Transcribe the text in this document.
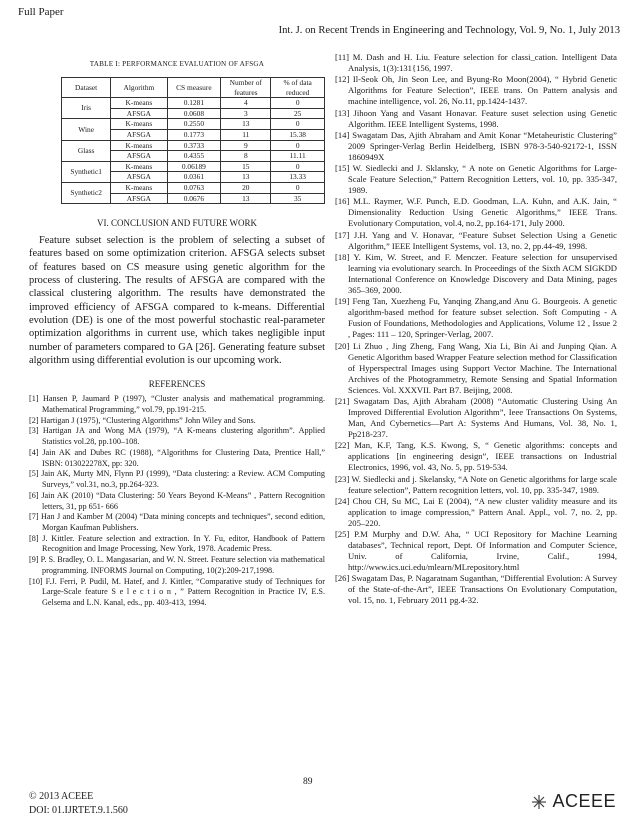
Full Paper
Int. J. on Recent Trends in Engineering and Technology, Vol. 9, No. 1, July 2013
TABLE I: PERFORMANCE EVALUATION OF AFSGA
Dataset	Algorithm	CS measure	Number of features	% of data reduced
Iris	K-means	0.1281	4	0
	AFSGA	0.0608	3	25
Wine	K-means	0.2550	13	0
	AFSGA	0.1773	11	15.38
Glass	K-means	0.3733	9	0
	AFSGA	0.4355	8	11.11
Synthetic1	K-means	0.06189	15	0
	AFSGA	0.0361	13	13.33
Synthetic2	K-means	0.0763	20	0
	AFSGA	0.0676	13	35
VI. CONCLUSION AND FUTURE WORK

Feature subset selection is the problem of selecting a subset of features based on some optimization criterion. AFSGA selects subset of features based on CS measure using genetic algorithm for the process of clustering. The results of AFSGA are compared with the classical clustering algorithm. The results have demonstrated the improved efficiency of AFSGA compared to k-means. Differential evolution (DE) is one of the most powerful stochastic real-parameter optimization algorithms in current use, which takes negligible input number of parameters compared to GA [26]. Generating feature subset algorithm using differential evolution is our upcoming work.

REFERENCES

[1] Hansen P, Jaumard P (1997), “Cluster analysis and mathematical programming. Mathematical Programming,” vol.79, pp.191-215.

[2] Hartigan J (1975), “Clustering Algorithms” John Wiley and Sons.

[3] Hartigan JA and Wong MA (1979), “A K-means clustering algorithm”. Applied Statistics vol.28, pp.100–108.

[4] Jain AK and Dubes RC (1988), “Algorithms for Clustering Data, Prentice Hall,” ISBN: 013022278X, pp: 320.

[5] Jain AK, Murty MN, Flynn PJ (1999), “Data clustering: a Review. ACM Computing Surveys,” vol.31, no.3, pp.264-323.

[6] Jain AK (2010) “Data Clustering: 50 Years Beyond K-Means” , Pattern Recognition letters, 31, pp 651- 666

[7] Han J and Kamber M (2004) “Data mining concepts and techniques”, second edition, Morgan Kaufman Publishers.

[8] J. Kittler. Feature selection and extraction. In Y. Fu, editor, Handbook of Pattern Recognition and Image Processing, New York, 1978. Academic Press.

[9] P. S. Bradley, O. L. Mangasarian, and W. N. Street. Feature selection via mathematical programming. INFORMS Journal on Computing, 10(2):209-217,1998.

[10] F.J. Ferri, P. Pudil, M. Hatef, and J. Kittler, “Comparative study of Techniques for Large-Scale feature S e l e c t i o n , ” Pattern Recognition in Practice IV, E.S. Gelsema and L.N. Kanal, eds., pp. 403-413, 1994.

[11] M. Dash and H. Liu. Feature selection for classi_cation. Intelligent Data Analysis, 1(3):131{156, 1997.

[12] Il-Seok Oh, Jin Seon Lee, and Byung-Ro Moon(2004), “ Hybrid Genetic Algorithms for Feature Selection”, IEEE trans. On Pattern analysis and machine intelligence, vol. 26, No.11, pp.1424-1437.

[13] Jihoon Yang and Vasant Honavar. Feature suset selection using Genetic Algorithm. IEEE Intelligent Systems, 1998.

[14] Swagatam Das, Ajith Abraham and Amit Konar “Metaheuristic Clustering” 2009 Springer-Verlag Berlin Heidelberg, ISBN 978-3-540-92172-1, ISSN 1860949X

[15] W. Siedlecki and J. Sklansky, “ A note on Genetic Algorithms for Large-Scale Feature Selection,” Pattern Recognition Letters, vol. 10, pp. 335-347, 1989.

[16] M.L. Raymer, W.F. Punch, E.D. Goodman, L.A. Kuhn, and A.K. Jain, “ Dimensionality Reduction Using Genetic Algorithms,” IEEE Trans. Evolutionary Computation, vol.4, no.2, pp.164-171, July 2000.

[17] J.H. Yang and V. Honavar, “Feature Subset Selection Using a Genetic Algorithm,” IEEE Intelligent Systems, vol. 13, no. 2, pp.44-49, 1998.

[18] Y. Kim, W. Street, and F. Menczer. Feature selection for unsupervised learning via evolutionary search. In Proceedings of the Sixth ACM SIGKDD International Conference on Knowledge Discovery and Data Mining, pages 365–369, 2000.

[19] Feng Tan, Xuezheng Fu, Yanqing Zhang,and Anu G. Bourgeois. A genetic algorithm-based method for feature subset selection. Soft Computing - A Fusion of Foundations, Methodologies and Applications, Volume 12 , Issue 2 , Pages: 111 – 120, Springer-Verlag, 2007.

[20] Li Zhuo , Jing Zheng, Fang Wang, Xia Li, Bin Ai and Junping Qian. A Genetic Algorithm based Wrapper Feature selection method for Classification of Hyperspectral Images using Support Vector Machine. The International Archives of the Photogrammetry, Remote Sensing and Spatial Information Sciences. Vol. XXXVII. Part B7. Beijing, 2008.

[21] Swagatam Das, Ajith Abraham (2008) “Automatic Clustering Using An Improved Differential Evolution Algorithm”, Ieee Transactions On Systems, Man, And Cybernetics—Part A: Systems And Humans, Vol. 38, No. 1, Pp218-237.

[22] Man, K.F, Tang, K.S. Kwong, S, “ Genetic algorithms: concepts and applications [in engineering design”, IEEE transactions on Industrial Electronics, 1996, vol. 43, No. 5, pp. 519-534.

[23] W. Siedlecki and j. Skelansky, “A Note on Genetic algorithms for large scale feature selection”, Pattern recognition letters, vol. 10, pp. 335-347, 1989.

[24] Chou CH, Su MC, Lai E (2004), “A new cluster validity measure and its application to image compression,” Pattern Anal. Appl., vol. 7, no. 2, pp. 205–220.

[25] P.M Murphy and D.W. Aha, “ UCI Repository for Machine Learning databases”, Technical report, Dept. Of Information and Computer Science, Univ. of California, Irvine, Calif., 1994, http://www.ics.uci.edu/mlearn/MLrepository.html

[26] Swagatam Das, P. Nagaratnam Suganthan, “Differential Evolution: A Survey of the State-of-the-Art”, IEEE Transactions On Evolutionary Computation, vol. 15, no. 1, February 2011 pg.4-32.

89
© 2013 ACEEE
DOI: 01.IJRTET.9.1.560	ACEEE
